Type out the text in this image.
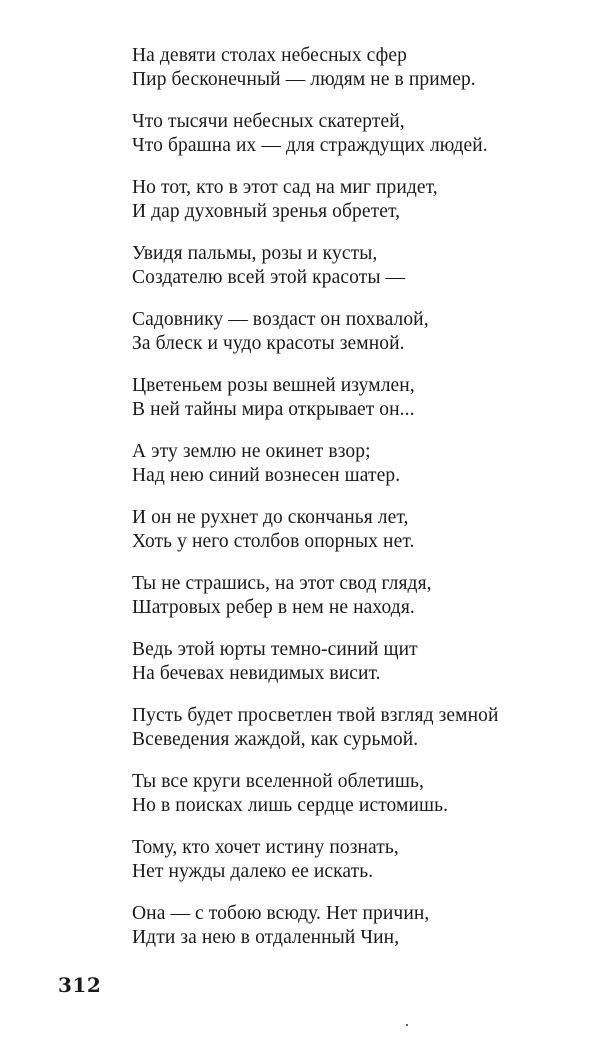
На девяти столах небесных сфер
Пир бесконечный — людям не в пример.
Что тысячи небесных скатертей,
Что брашна их — для страждущих людей.
Но тот, кто в этот сад на миг придет,
И дар духовный зренья обретет,
Увидя пальмы, розы и кусты,
Создателю всей этой красоты —
Садовнику — воздаст он похвалой,
За блеск и чудо красоты земной.
Цветеньем розы вешней изумлен,
В ней тайны мира открывает он...
А эту землю не окинет взор;
Над нею синий вознесен шатер.
И он не рухнет до скончанья лет,
Хоть у него столбов опорных нет.
Ты не страшись, на этот свод глядя,
Шатровых ребер в нем не находя.
Ведь этой юрты темно-синий щит
На бечевах невидимых висит.
Пусть будет просветлен твой взгляд земной
Всеведения жаждой, как сурьмой.
Ты все круги вселенной облетишь,
Но в поисках лишь сердце истомишь.
Тому, кто хочет истину познать,
Нет нужды далеко ее искать.
Она — с тобою всюду. Нет причин,
Идти за нею в отдаленный Чин,
312
